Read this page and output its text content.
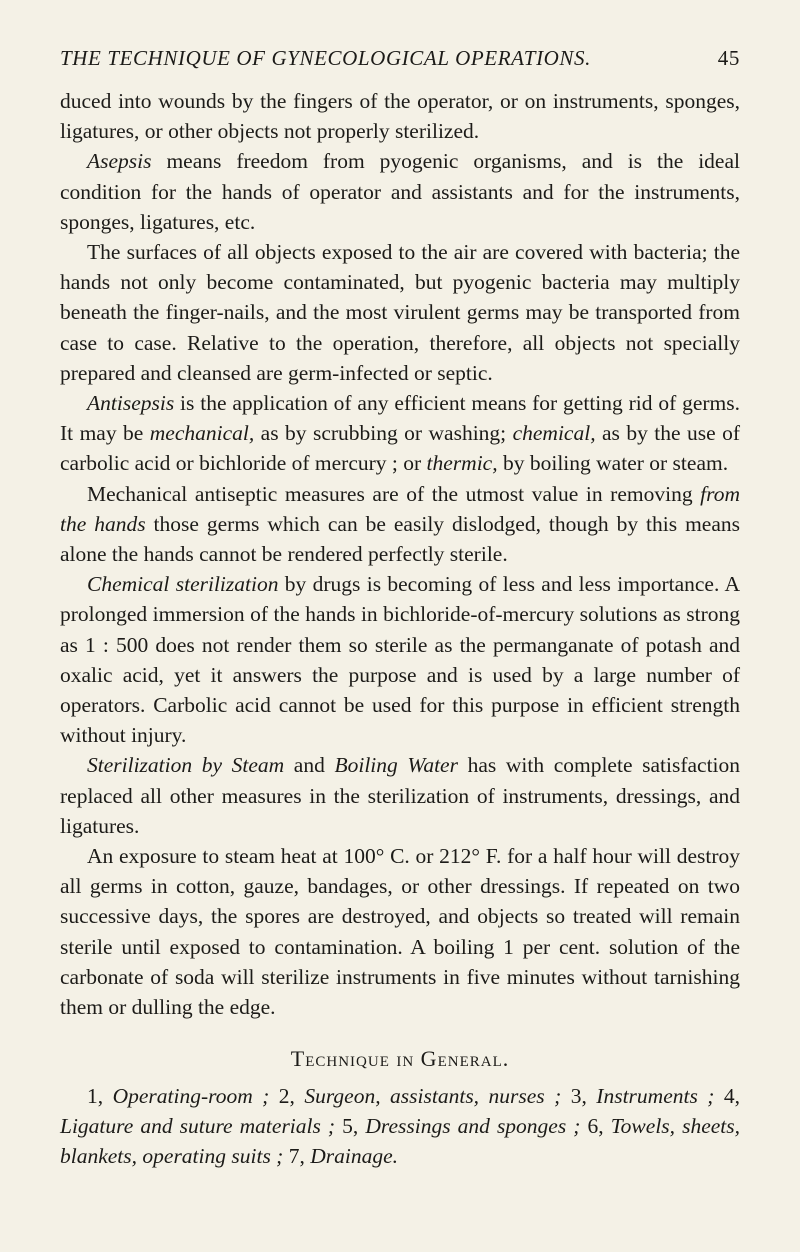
THE TECHNIQUE OF GYNECOLOGICAL OPERATIONS.	45

duced into wounds by the fingers of the operator, or on instruments, sponges, ligatures, or other objects not properly sterilized.

Asepsis means freedom from pyogenic organisms, and is the ideal condition for the hands of operator and assistants and for the instruments, sponges, ligatures, etc.

The surfaces of all objects exposed to the air are covered with bacteria; the hands not only become contaminated, but pyogenic bacteria may multiply beneath the finger-nails, and the most virulent germs may be transported from case to case. Relative to the operation, therefore, all objects not specially prepared and cleansed are germ-infected or septic.

Antisepsis is the application of any efficient means for getting rid of germs. It may be mechanical, as by scrubbing or washing; chemical, as by the use of carbolic acid or bichloride of mercury ; or thermic, by boiling water or steam.

Mechanical antiseptic measures are of the utmost value in removing from the hands those germs which can be easily dislodged, though by this means alone the hands cannot be rendered perfectly sterile.

Chemical sterilization by drugs is becoming of less and less importance. A prolonged immersion of the hands in bichloride-of-mercury solutions as strong as 1 : 500 does not render them so sterile as the permanganate of potash and oxalic acid, yet it answers the purpose and is used by a large number of operators. Carbolic acid cannot be used for this purpose in efficient strength without injury.

Sterilization by Steam and Boiling Water has with complete satisfaction replaced all other measures in the sterilization of instruments, dressings, and ligatures.

An exposure to steam heat at 100° C. or 212° F. for a half hour will destroy all germs in cotton, gauze, bandages, or other dressings. If repeated on two successive days, the spores are destroyed, and objects so treated will remain sterile until exposed to contamination. A boiling 1 per cent. solution of the carbonate of soda will sterilize instruments in five minutes without tarnishing them or dulling the edge.

Technique in General.

1, Operating-room ; 2, Surgeon, assistants, nurses ; 3, Instruments ; 4, Ligature and suture materials ; 5, Dressings and sponges ; 6, Towels, sheets, blankets, operating suits ; 7, Drainage.
